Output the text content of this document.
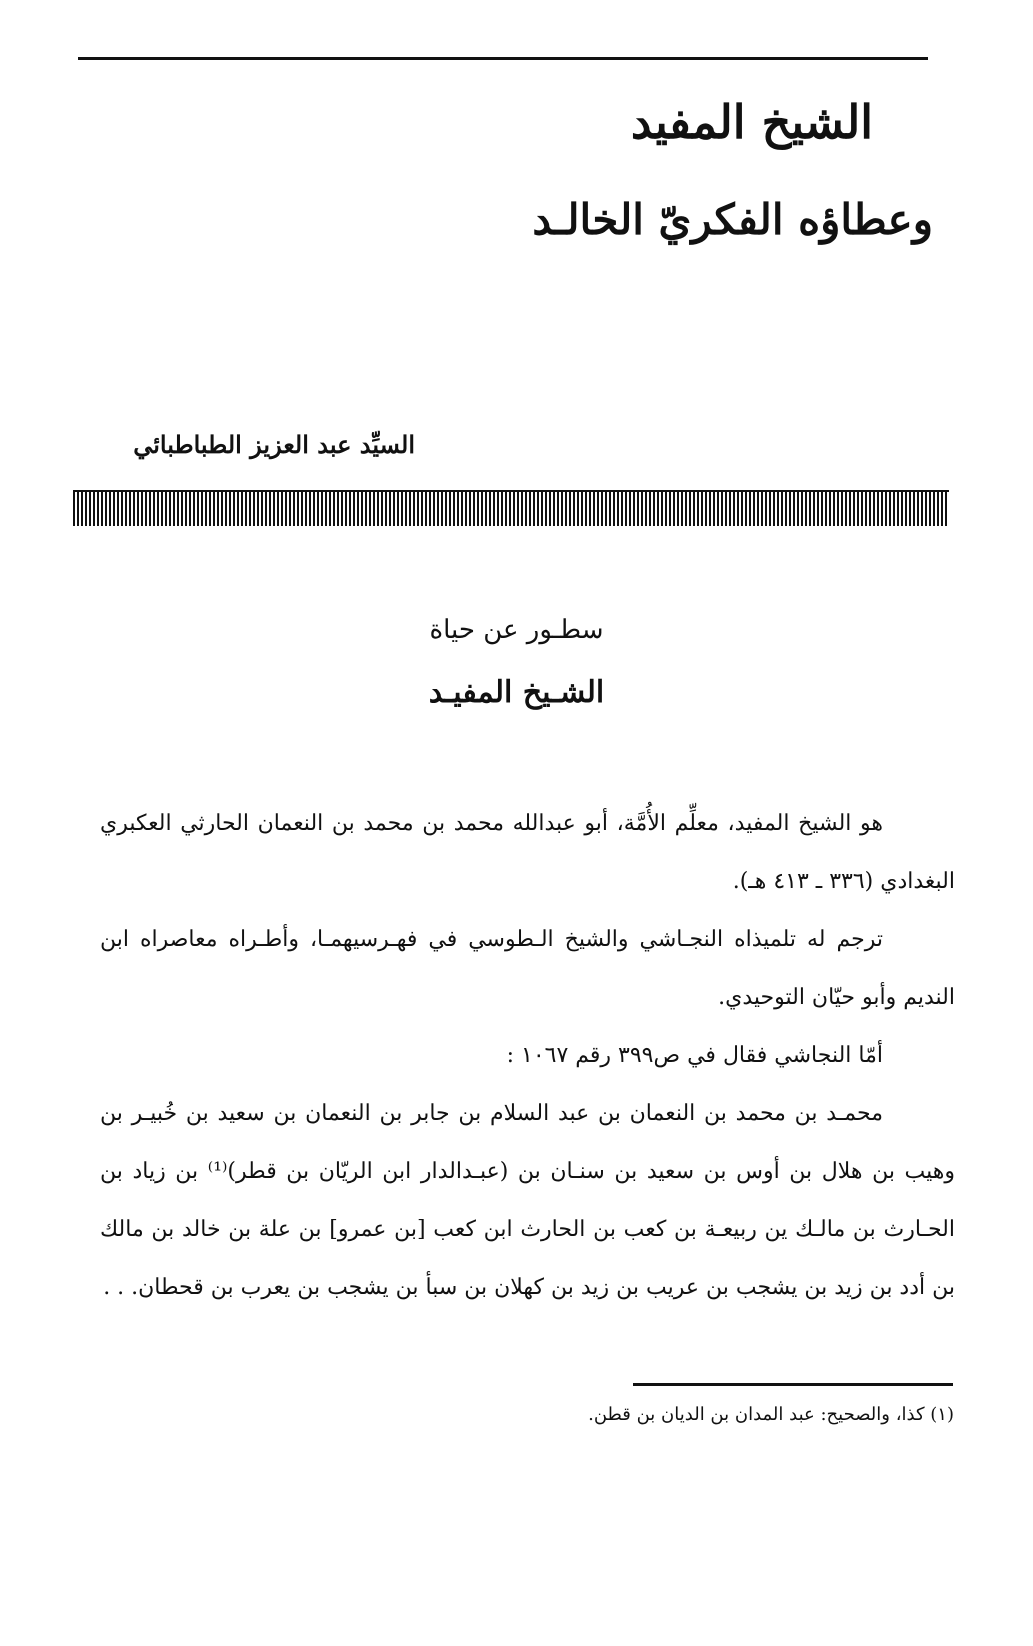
الشيخ المفيد
وعطاؤه الفكريّ الخالـد
السيِّد عبد العزيز الطباطبائي
سطـور عن حياة
الشـيخ المفيـد

هو الشيخ المفيد، معلِّم الأُمَّة، أبو عبدالله محمد بن محمد بن النعمان الحارثي العكبري البغدادي (٣٣٦ ـ ٤١٣ هـ).

ترجم له تلميذاه النجـاشي والشيخ الـطوسي في فهـرسيهمـا، وأطـراه معاصراه ابن النديم وأبو حيّان التوحيدي.

أمّا النجاشي فقال في ص٣٩٩ رقم ١٠٦٧ :

محمـد بن محمد بن النعمان بن عبد السلام بن جابر بن النعمان بن سعيد بن خُبيـر بن وهيب بن هلال بن أوس بن سعيد بن سنـان بن (عبـدالدار ابن الريّان بن قطر)⁽¹⁾ بن زياد بن الحـارث بن مالـك ين ربيعـة بن كعب بن الحارث ابن كعب [بن عمرو] بن علة بن خالد بن مالك بن أدد بن زيد بن يشجب بن عريب بن زيد بن كهلان بن سبأ بن يشجب بن يعرب بن قحطان. . .

(١) كذا، والصحيح: عبد المدان بن الديان بن قطن.
